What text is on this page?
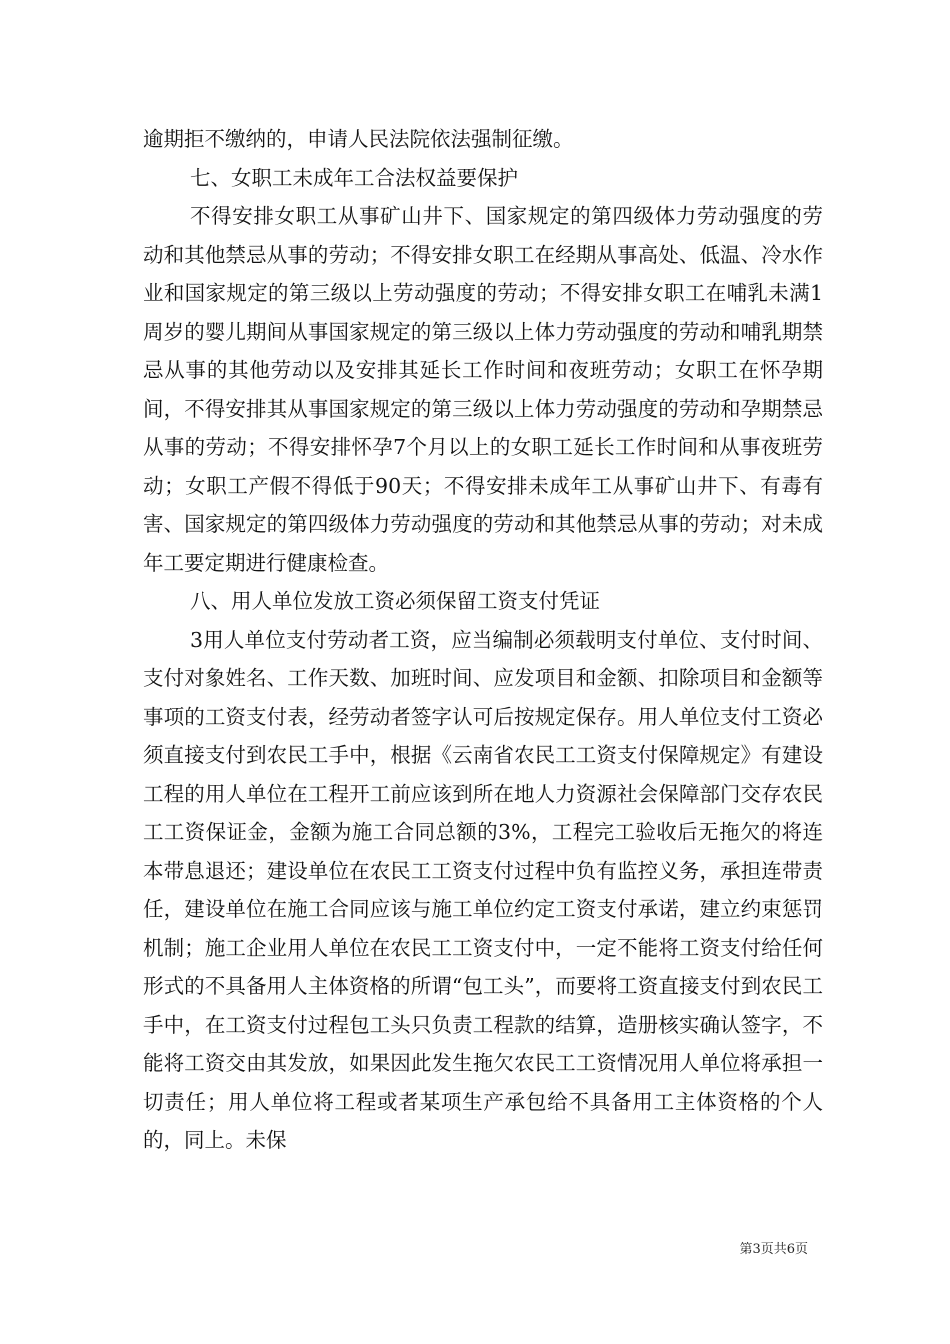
逾期拒不缴纳的，申请人民法院依法强制征缴。

七、女职工未成年工合法权益要保护

不得安排女职工从事矿山井下、国家规定的第四级体力劳动强度的劳动和其他禁忌从事的劳动；不得安排女职工在经期从事高处、低温、冷水作业和国家规定的第三级以上劳动强度的劳动；不得安排女职工在哺乳未满1周岁的婴儿期间从事国家规定的第三级以上体力劳动强度的劳动和哺乳期禁忌从事的其他劳动以及安排其延长工作时间和夜班劳动；女职工在怀孕期间，不得安排其从事国家规定的第三级以上体力劳动强度的劳动和孕期禁忌从事的劳动；不得安排怀孕7个月以上的女职工延长工作时间和从事夜班劳动；女职工产假不得低于90天；不得安排未成年工从事矿山井下、有毒有害、国家规定的第四级体力劳动强度的劳动和其他禁忌从事的劳动；对未成年工要定期进行健康检查。

八、用人单位发放工资必须保留工资支付凭证

3用人单位支付劳动者工资，应当编制必须载明支付单位、支付时间、支付对象姓名、工作天数、加班时间、应发项目和金额、扣除项目和金额等事项的工资支付表，经劳动者签字认可后按规定保存。用人单位支付工资必须直接支付到农民工手中，根据《云南省农民工工资支付保障规定》有建设工程的用人单位在工程开工前应该到所在地人力资源社会保障部门交存农民工工资保证金，金额为施工合同总额的3%，工程完工验收后无拖欠的将连本带息退还；建设单位在农民工工资支付过程中负有监控义务，承担连带责任，建设单位在施工合同应该与施工单位约定工资支付承诺，建立约束惩罚机制；施工企业用人单位在农民工工资支付中，一定不能将工资支付给任何形式的不具备用人主体资格的所谓“包工头”，而要将工资直接支付到农民工手中，在工资支付过程包工头只负责工程款的结算，造册核实确认签字，不能将工资交由其发放，如果因此发生拖欠农民工工资情况用人单位将承担一切责任；用人单位将工程或者某项生产承包给不具备用工主体资格的个人的，同上。未保

第3页共6页
